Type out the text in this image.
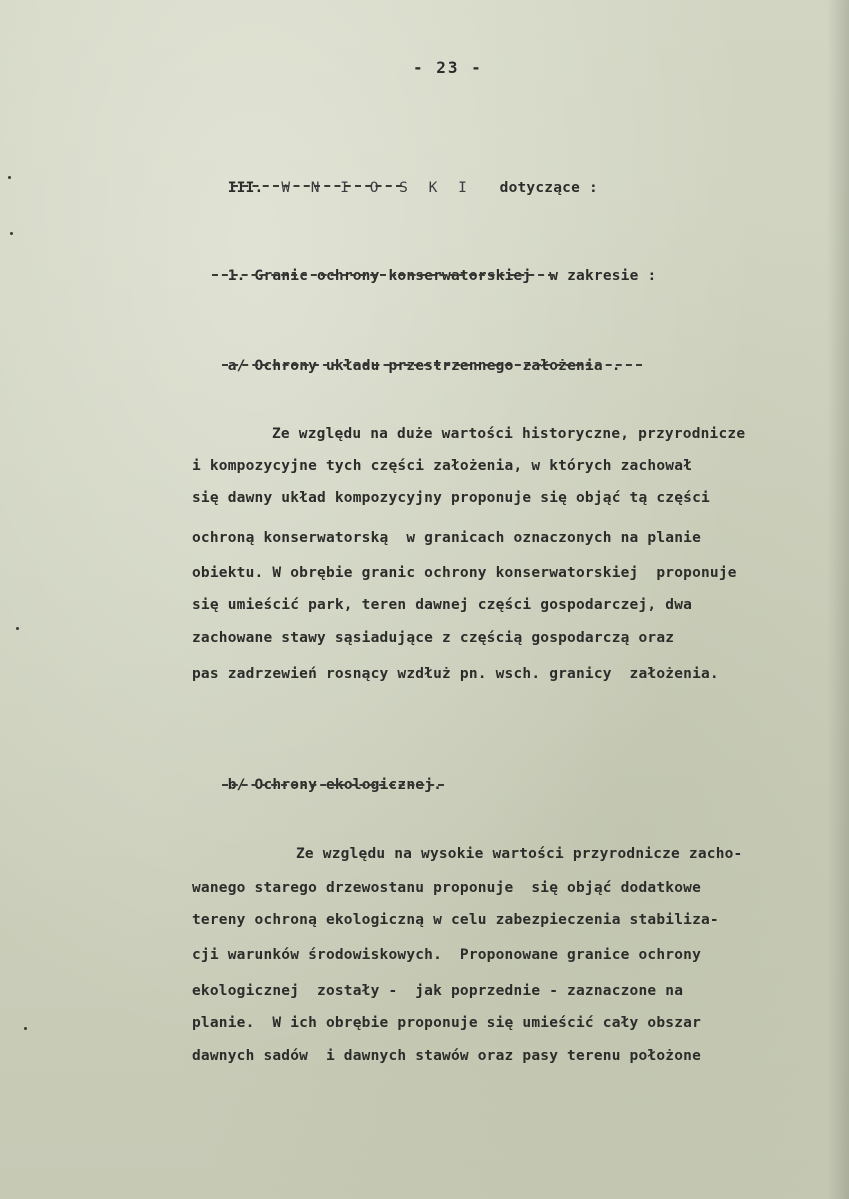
- 23 -

III. W N I O S K I dotyczące :

1. Granic ochrony konserwatorskiej w zakresie :

a/ Ochrony układu przestrzennego założenia .

Ze względu na duże wartości historyczne, przyrodnicze
i kompozycyjne tych części założenia, w których zachował
się dawny układ kompozycyjny proponuje się objąć tą części
ochroną konserwatorską  w granicach oznaczonych na planie
obiektu. W obrębie granic ochrony konserwatorskiej  proponuje
się umieścić park, teren dawnej części gospodarczej, dwa
zachowane stawy sąsiadujące z częścią gospodarczą oraz
pas zadrzewień rosnący wzdłuż pn. wsch. granicy  założenia.

b/ Ochrony ekologicznej.

Ze względu na wysokie wartości przyrodnicze zacho-
wanego starego drzewostanu proponuje  się objąć dodatkowe
tereny ochroną ekologiczną w celu zabezpieczenia stabiliza-
cji warunków środowiskowych.  Proponowane granice ochrony
ekologicznej  zostały -  jak poprzednie - zaznaczone na
planie.  W ich obrębie proponuje się umieścić cały obszar
dawnych sadów  i dawnych stawów oraz pasy terenu położone
